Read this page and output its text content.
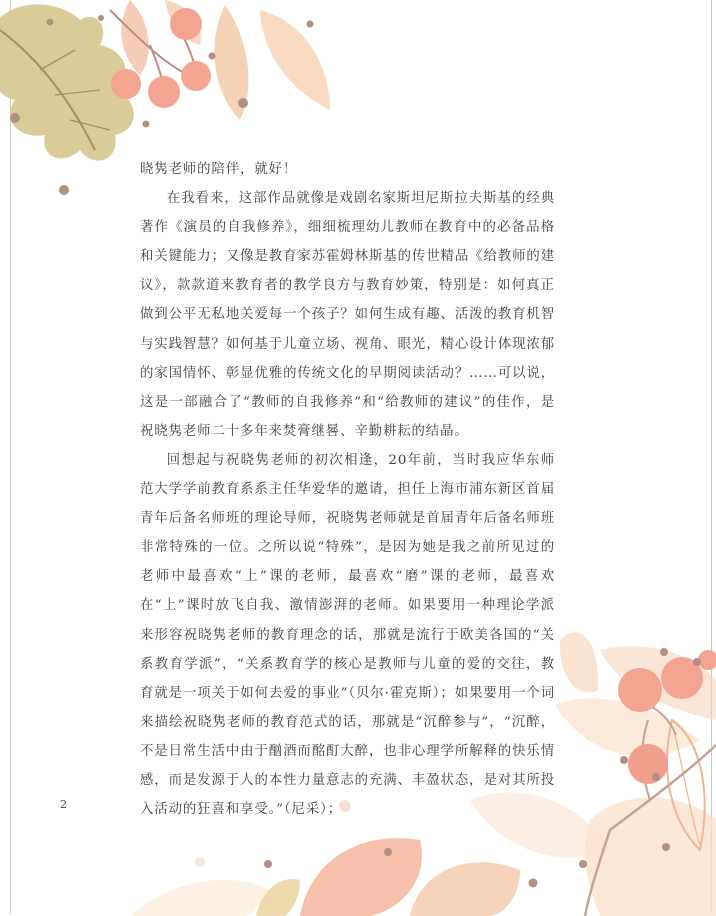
晓隽老师的陪伴，就好！

在我看来，这部作品就像是戏剧名家斯坦尼斯拉夫斯基的经典著作《演员的自我修养》，细细梳理幼儿教师在教育中的必备品格和关键能力；又像是教育家苏霍姆林斯基的传世精品《给教师的建议》，款款道来教育者的教学良方与教育妙策，特别是：如何真正做到公平无私地关爱每一个孩子？如何生成有趣、活泼的教育机智与实践智慧？如何基于儿童立场、视角、眼光，精心设计体现浓郁的家国情怀、彰显优雅的传统文化的早期阅读活动？……可以说，这是一部融合了“教师的自我修养”和“给教师的建议”的佳作，是祝晓隽老师二十多年来焚膏继晷、辛勤耕耘的结晶。

回想起与祝晓隽老师的初次相逢，20年前，当时我应华东师范大学学前教育系系主任华爱华的邀请，担任上海市浦东新区首届青年后备名师班的理论导师，祝晓隽老师就是首届青年后备名师班非常特殊的一位。之所以说“特殊”，是因为她是我之前所见过的老师中最喜欢“上”课的老师，最喜欢“磨”课的老师，最喜欢在“上”课时放飞自我、激情澎湃的老师。如果要用一种理论学派来形容祝晓隽老师的教育理念的话，那就是流行于欧美各国的“关系教育学派”，“关系教育学的核心是教师与儿童的爱的交往，教育就是一项关于如何去爱的事业”（贝尔·霍克斯）；如果要用一个词来描绘祝晓隽老师的教育范式的话，那就是“沉醉参与”，“沉醉，不是日常生活中由于酗酒而酩酊大醉，也非心理学所解释的快乐情感，而是发源于人的本性力量意志的充满、丰盈状态，是对其所投入活动的狂喜和享受。”（尼采）；

2
